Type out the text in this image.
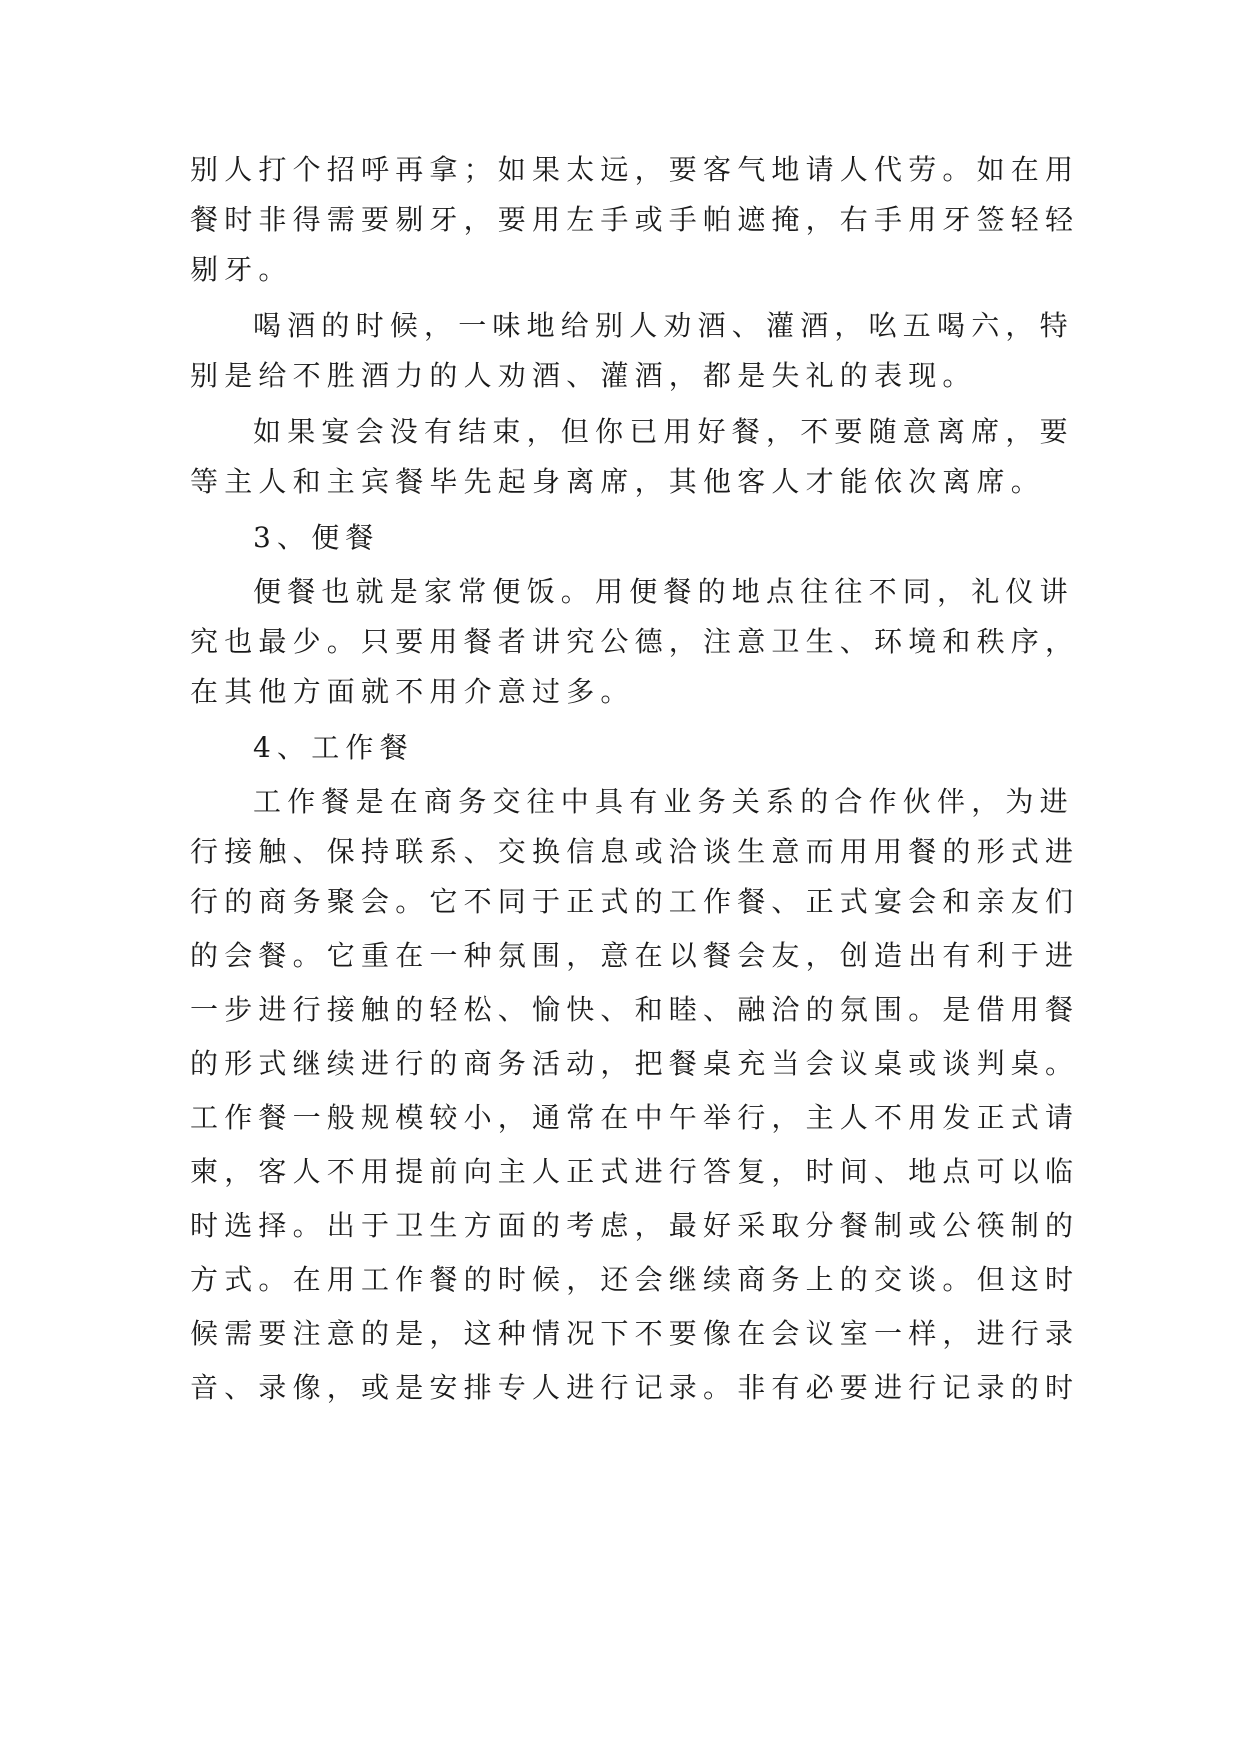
别人打个招呼再拿；如果太远，要客气地请人代劳。如在用
餐时非得需要剔牙，要用左手或手帕遮掩，右手用牙签轻轻
剔牙。
喝酒的时候，一味地给别人劝酒、灌酒，吆五喝六，特
别是给不胜酒力的人劝酒、灌酒，都是失礼的表现。
如果宴会没有结束，但你已用好餐，不要随意离席，要
等主人和主宾餐毕先起身离席，其他客人才能依次离席。
3、便餐
便餐也就是家常便饭。用便餐的地点往往不同，礼仪讲
究也最少。只要用餐者讲究公德，注意卫生、环境和秩序，
在其他方面就不用介意过多。
4、工作餐
工作餐是在商务交往中具有业务关系的合作伙伴，为进
行接触、保持联系、交换信息或洽谈生意而用用餐的形式进
行的商务聚会。它不同于正式的工作餐、正式宴会和亲友们
的会餐。它重在一种氛围，意在以餐会友，创造出有利于进
一步进行接触的轻松、愉快、和睦、融洽的氛围。是借用餐
的形式继续进行的商务活动，把餐桌充当会议桌或谈判桌。
工作餐一般规模较小，通常在中午举行，主人不用发正式请
柬，客人不用提前向主人正式进行答复，时间、地点可以临
时选择。出于卫生方面的考虑，最好采取分餐制或公筷制的
方式。在用工作餐的时候，还会继续商务上的交谈。但这时
候需要注意的是，这种情况下不要像在会议室一样，进行录
音、录像，或是安排专人进行记录。非有必要进行记录的时
